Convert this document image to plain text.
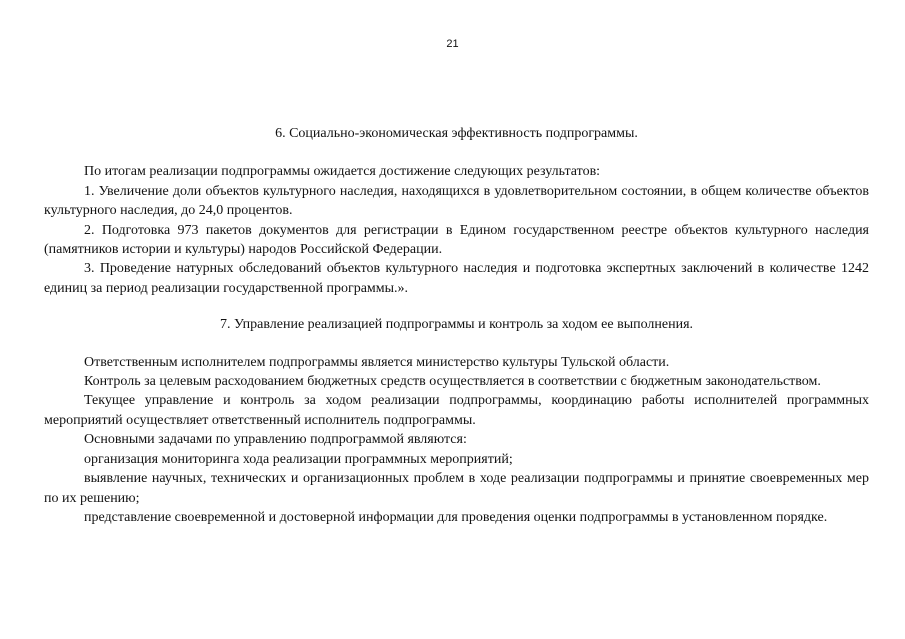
21
6. Социально-экономическая эффективность подпрограммы.

По итогам реализации подпрограммы ожидается достижение следующих результатов:

1. Увеличение доли объектов культурного наследия, находящихся в удовлетворительном состоянии, в общем количестве объектов культурного наследия, до 24,0 процентов.

2. Подготовка 973 пакетов документов для регистрации в Едином государственном реестре объектов культурного наследия (памятников истории и культуры) народов Российской Федерации.

3. Проведение натурных обследований объектов культурного наследия и подготовка экспертных заключений в количестве 1242 единиц за период реализации государственной программы.».

7. Управление реализацией подпрограммы и контроль за ходом ее выполнения.

Ответственным исполнителем подпрограммы является министерство культуры Тульской области.

Контроль за целевым расходованием бюджетных средств осуществляется в соответствии с бюджетным законодательством.

Текущее управление и контроль за ходом реализации подпрограммы, координацию работы исполнителей программных мероприятий осуществляет ответственный исполнитель подпрограммы.

Основными задачами по управлению подпрограммой являются:

организация мониторинга хода реализации программных мероприятий;

выявление научных, технических и организационных проблем в ходе реализации подпрограммы и принятие своевременных мер по их решению;

представление своевременной и достоверной информации для проведения оценки подпрограммы в установленном порядке.
